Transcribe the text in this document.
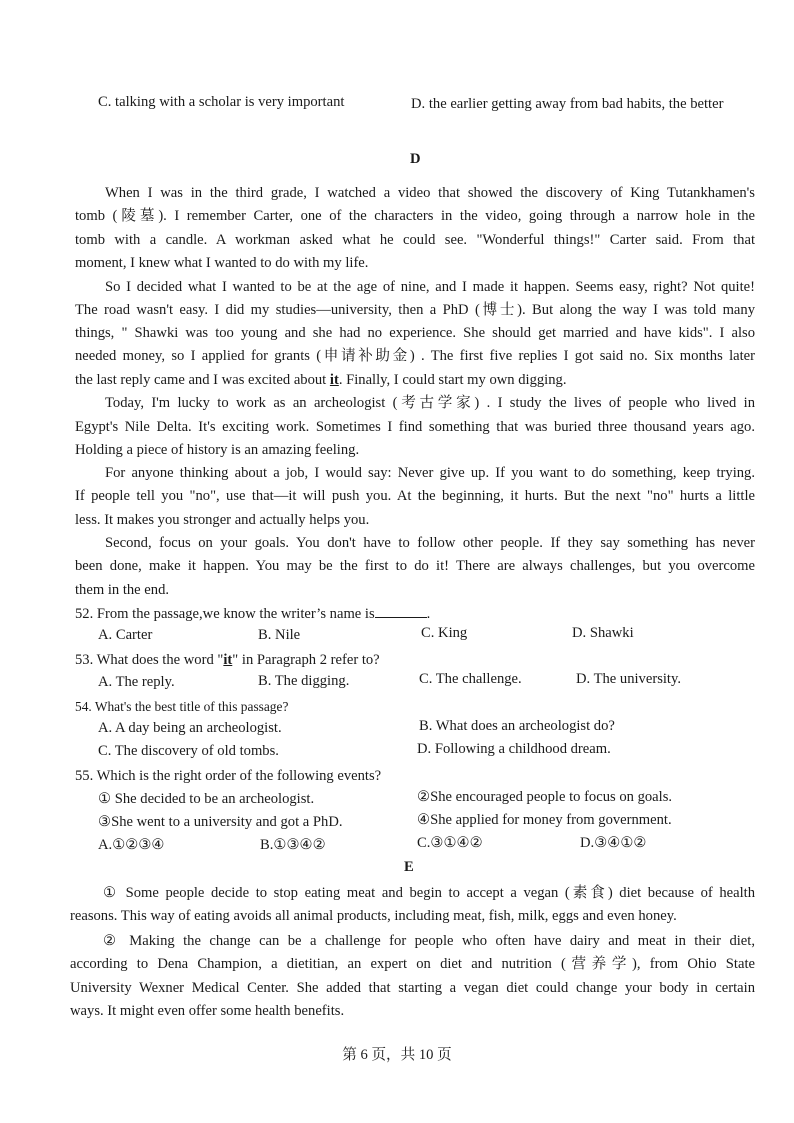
C. talking with a scholar is very important	D. the earlier getting away from bad habits, the better
D
When I was in the third grade, I watched a video that showed the discovery of King Tutankhamen's
tomb (陵墓). I remember Carter, one of the characters in the video, going through a narrow hole in the
tomb with a candle. A workman asked what he could see. "Wonderful things!" Carter said. From that
moment, I knew what I wanted to do with my life.
So I decided what I wanted to be at the age of nine, and I made it happen. Seems easy, right? Not quite!
The road wasn't easy. I did my studies—university, then a PhD (博士). But along the way I was told many
things, " Shawki was too young and she had no experience. She should get married and have kids". I also
needed money, so I applied for grants (申请补助金) . The first five replies I got said no. Six months later
the last reply came and I was excited about it. Finally, I could start my own digging.
Today, I'm lucky to work as an archeologist (考古学家) . I study the lives of people who lived in
Egypt's Nile Delta. It's exciting work. Sometimes I find something that was buried three thousand years ago.
Holding a piece of history is an amazing feeling.
For anyone thinking about a job, I would say: Never give up. If you want to do something, keep trying.
If people tell you "no", use that—it will push you. At the beginning, it hurts. But the next "no" hurts a little
less. It makes you stronger and actually helps you.
Second, focus on your goals. You don't have to follow other people. If they say something has never
been done, make it happen. You may be the first to do it! There are always challenges, but you overcome
them in the end.
52. From the passage,we know the writer’s name is	.
A. Carter	B. Nile	C. King	D. Shawki
53. What does the word "it" in Paragraph 2 refer to?
A. The reply.	B. The digging.	C. The challenge.	D. The university.
54. What's the best title of this passage?
A. A day being an archeologist.	B. What does an archeologist do?
C. The discovery of old tombs.	D. Following a childhood dream.
55. Which is the right order of the following events?
① She decided to be an archeologist.	②She encouraged people to focus on goals.
③She went to a university and got a PhD.	④She applied for money from government.
A.①②③④	B.①③④②	C.③①④②	D.③④①②
E
① Some people decide to stop eating meat and begin to accept a vegan (素食) diet because of health
reasons. This way of eating avoids all animal products, including meat, fish, milk, eggs and even honey.
② Making the change can be a challenge for people who often have dairy and meat in their diet,
according to Dena Champion, a dietitian, an expert on diet and nutrition (营养学), from Ohio State
University Wexner Medical Center. She added that starting a vegan diet could change your body in certain
ways. It might even offer some health benefits.
第 6 页，共 10 页
